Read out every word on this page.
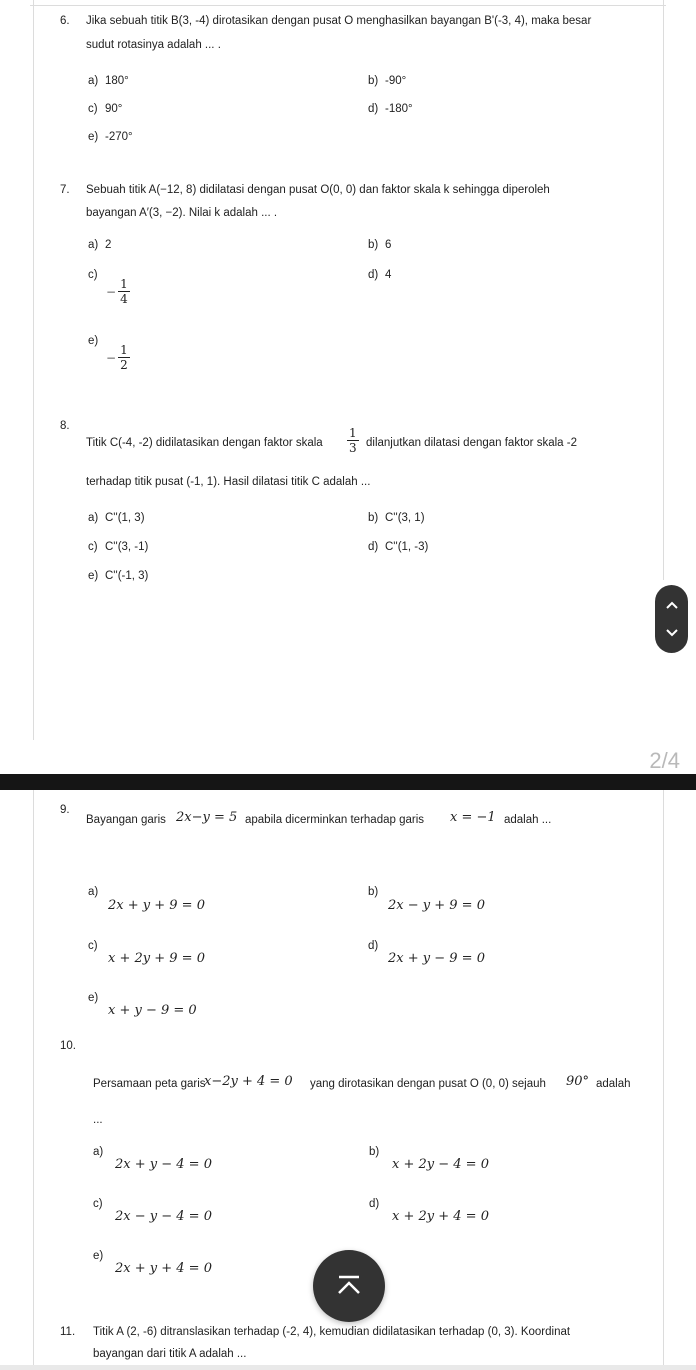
6. Jika sebuah titik B(3, -4) dirotasikan dengan pusat O menghasilkan bayangan B'(-3, 4), maka besar
sudut rotasinya adalah ... .
a) 180°	b) -90°
c) 90°	d) -180°
e) -270°
7. Sebuah titik A(−12, 8) didilatasi dengan pusat O(0, 0) dan faktor skala k sehingga diperoleh
bayangan A′(3, −2). Nilai k adalah ... .
a) 2	b) 6
c)
− $\frac{1}{4}$
d) 4
e)
− $\frac{1}{2}$
8.
Titik C(-4, -2) didilatasikan dengan faktor skala $\frac{1}{3}$ dilanjutkan dilatasi dengan faktor skala -2
terhadap titik pusat (-1, 1). Hasil dilatasi titik C adalah ...
a) C''(1, 3)	b) C''(3, 1)
c) C''(3, -1)	d) C''(1, -3)
e) C''(-1, 3)
2/4
9.
Bayangan garis 2x−y = 5 apabila dicerminkan terhadap garis x = −1 adalah ...
a)
2x + y + 9 = 0
b)
2x − y + 9 = 0
c)
x + 2y + 9 = 0
d)
2x + y − 9 = 0
e)
x + y − 9 = 0
10.
Persamaan peta garis
x−2y + 4 = 0 yang dirotasikan dengan pusat O (0, 0) sejauh 90° adalah
...
a)
2x + y − 4 = 0
b)
x + 2y − 4 = 0
c)
2x − y − 4 = 0
d)
x + 2y + 4 = 0
e)
2x + y + 4 = 0
11. Titik A (2, -6) ditranslasikan terhadap (-2, 4), kemudian didilatasikan terhadap (0, 3). Koordinat
bayangan dari titik A adalah ...
